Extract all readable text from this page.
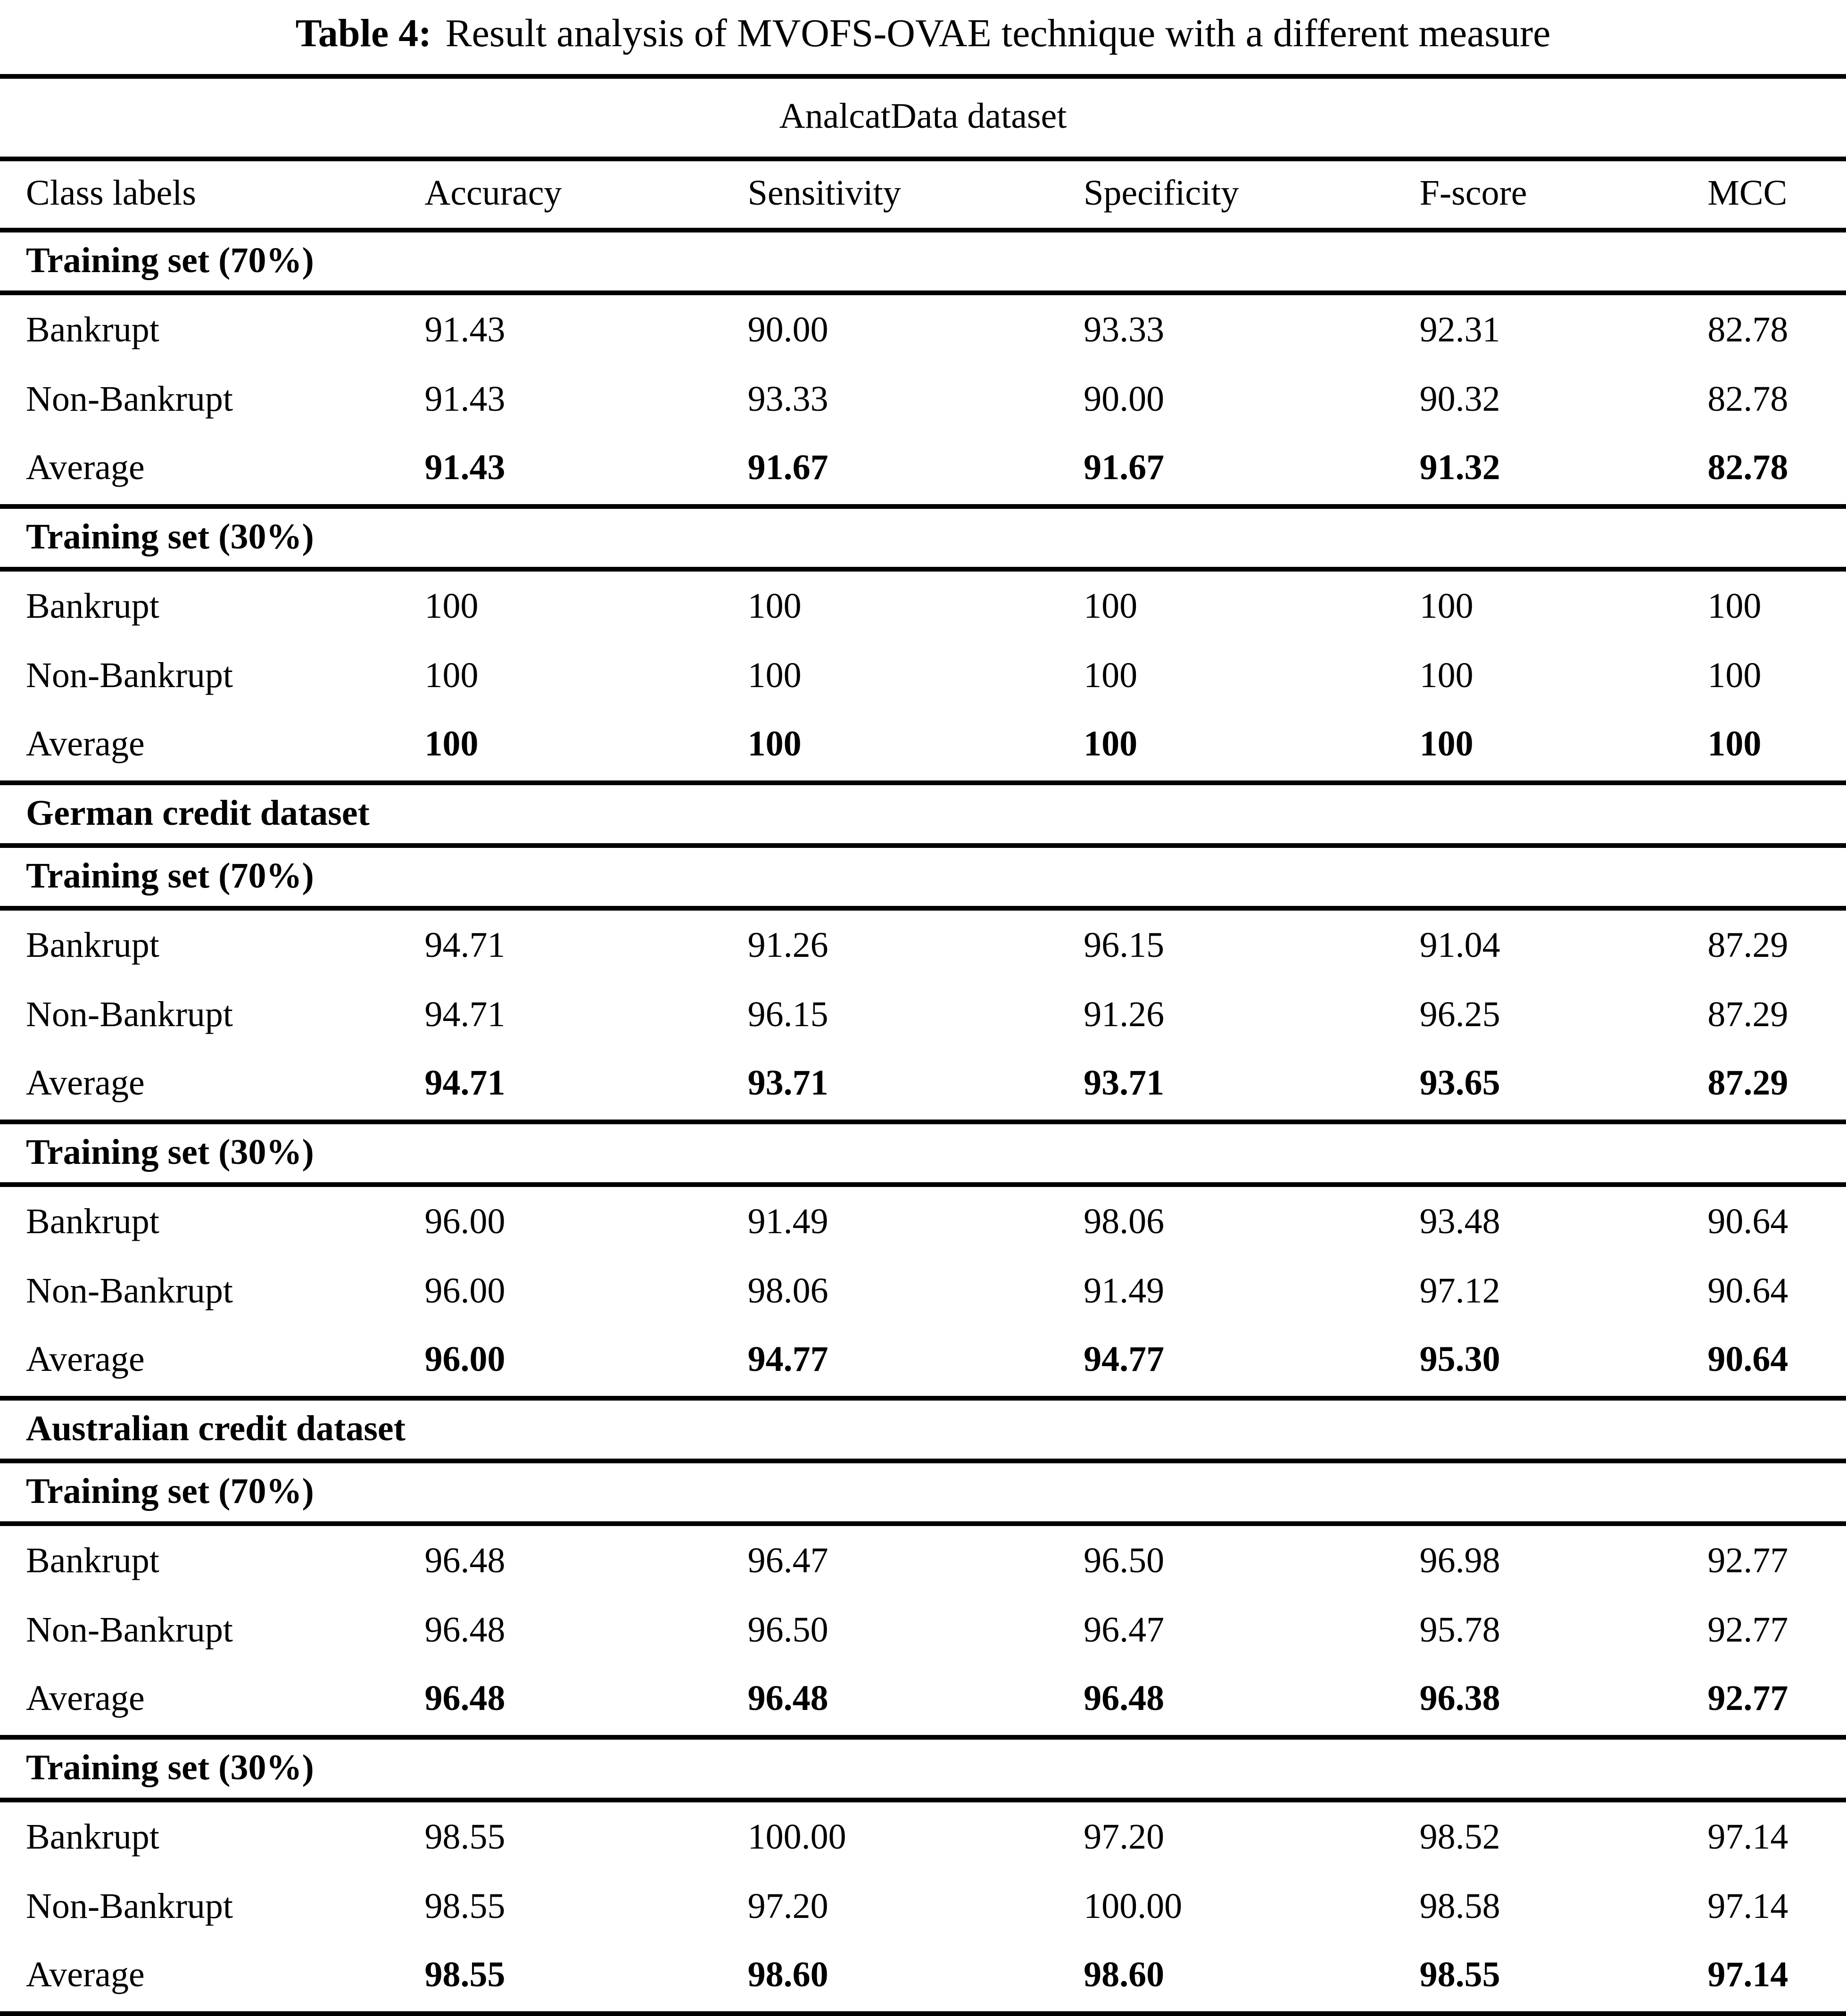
Table 4: Result analysis of MVOFS-OVAE technique with a different measure
AnalcatData dataset					
Class labels	Accuracy	Sensitivity	Specificity	F-score	MCC
Training set (70%)					
Bankrupt	91.43	90.00	93.33	92.31	82.78
Non-Bankrupt	91.43	93.33	90.00	90.32	82.78
Average	91.43	91.67	91.67	91.32	82.78
Training set (30%)					
Bankrupt	100	100	100	100	100
Non-Bankrupt	100	100	100	100	100
Average	100	100	100	100	100
German credit dataset					
Training set (70%)					
Bankrupt	94.71	91.26	96.15	91.04	87.29
Non-Bankrupt	94.71	96.15	91.26	96.25	87.29
Average	94.71	93.71	93.71	93.65	87.29
Training set (30%)					
Bankrupt	96.00	91.49	98.06	93.48	90.64
Non-Bankrupt	96.00	98.06	91.49	97.12	90.64
Average	96.00	94.77	94.77	95.30	90.64
Australian credit dataset					
Training set (70%)					
Bankrupt	96.48	96.47	96.50	96.98	92.77
Non-Bankrupt	96.48	96.50	96.47	95.78	92.77
Average	96.48	96.48	96.48	96.38	92.77
Training set (30%)					
Bankrupt	98.55	100.00	97.20	98.52	97.14
Non-Bankrupt	98.55	97.20	100.00	98.58	97.14
Average	98.55	98.60	98.60	98.55	97.14
